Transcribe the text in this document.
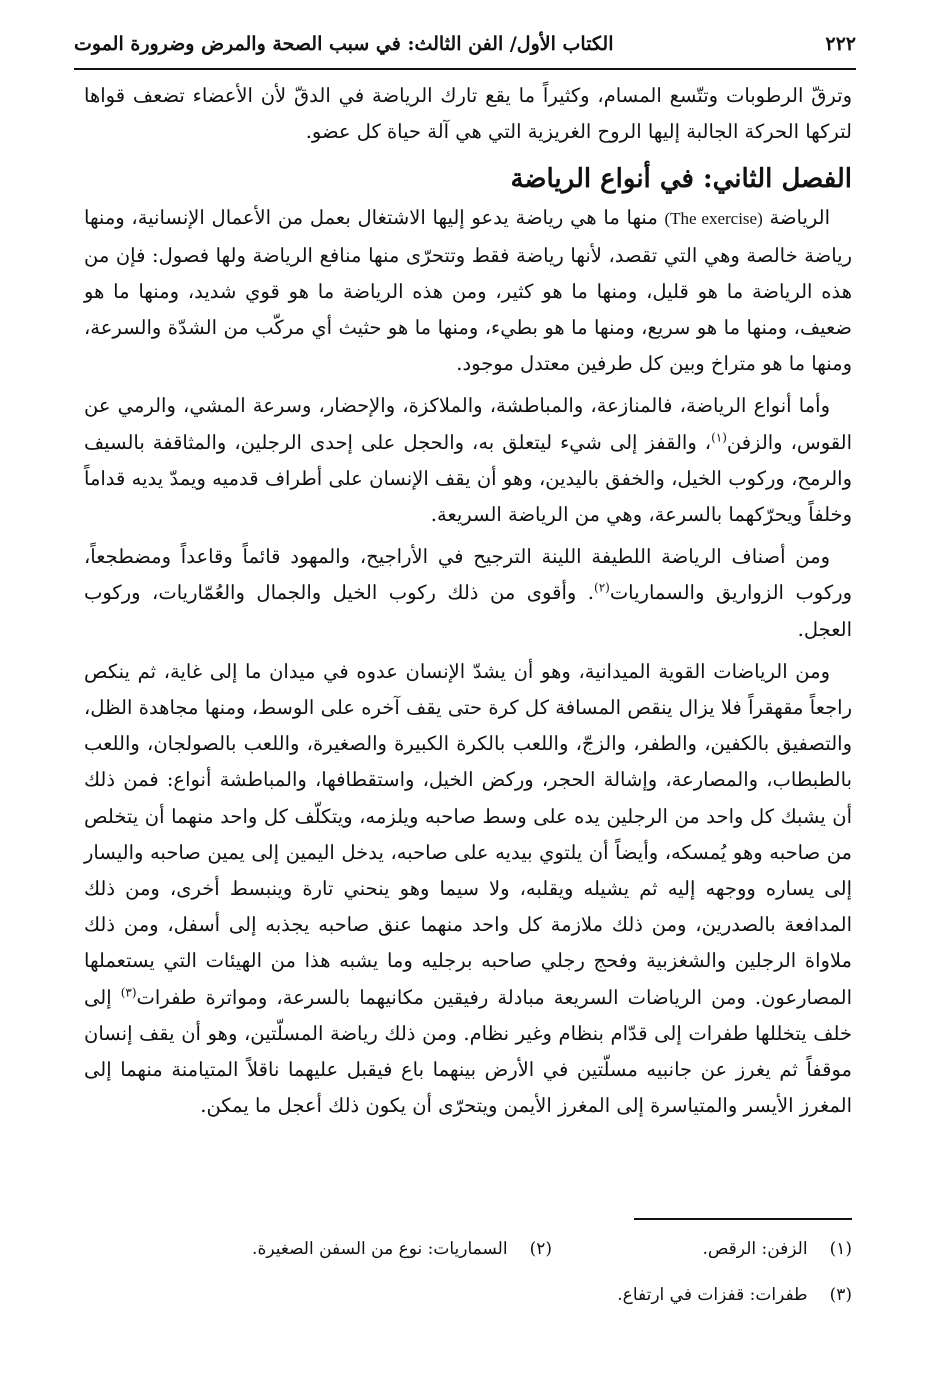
٢٢٢
الكتاب الأول/ الفن الثالث: في سبب الصحة والمرض وضرورة الموت

وترقّ الرطوبات وتتّسع المسام، وكثيراً ما يقع تارك الرياضة في الدقّ لأن الأعضاء تضعف قواها لتركها الحركة الجالبة إليها الروح الغريزية التي هي آلة حياة كل عضو.

الفصل الثاني: في أنواع الرياضة

الرياضة (The exercise) منها ما هي رياضة يدعو إليها الاشتغال بعمل من الأعمال الإنسانية، ومنها رياضة خالصة وهي التي تقصد، لأنها رياضة فقط وتتحرّى منها منافع الرياضة ولها فصول: فإن من هذه الرياضة ما هو قليل، ومنها ما هو كثير، ومن هذه الرياضة ما هو قوي شديد، ومنها ما هو ضعيف، ومنها ما هو سريع، ومنها ما هو بطيء، ومنها ما هو حثيث أي مركّب من الشدّة والسرعة، ومنها ما هو متراخ وبين كل طرفين معتدل موجود.

وأما أنواع الرياضة، فالمنازعة، والمباطشة، والملاكزة، والإحضار، وسرعة المشي، والرمي عن القوس، والزفن$^{(١)}$، والقفز إلى شيء ليتعلق به، والحجل على إحدى الرجلين، والمثاقفة بالسيف والرمح، وركوب الخيل، والخفق باليدين، وهو أن يقف الإنسان على أطراف قدميه ويمدّ يديه قداماً وخلفاً ويحرّكهما بالسرعة، وهي من الرياضة السريعة.

ومن أصناف الرياضة اللطيفة اللينة الترجيح في الأراجيح، والمهود قائماً وقاعداً ومضطجعاً، وركوب الزواريق والسماريات$^{(٢)}$. وأقوى من ذلك ركوب الخيل والجمال والعُمّاريات، وركوب العجل.

ومن الرياضات القوية الميدانية، وهو أن يشدّ الإنسان عدوه في ميدان ما إلى غاية، ثم ينكص راجعاً مقهقراً فلا يزال ينقص المسافة كل كرة حتى يقف آخره على الوسط، ومنها مجاهدة الظل، والتصفيق بالكفين، والطفر، والزجّ، واللعب بالكرة الكبيرة والصغيرة، واللعب بالصولجان، واللعب بالطبطاب، والمصارعة، وإشالة الحجر، وركض الخيل، واستقطافها، والمباطشة أنواع: فمن ذلك أن يشبك كل واحد من الرجلين يده على وسط صاحبه ويلزمه، ويتكلّف كل واحد منهما أن يتخلص من صاحبه وهو يُمسكه، وأيضاً أن يلتوي بيديه على صاحبه، يدخل اليمين إلى يمين صاحبه واليسار إلى يساره ووجهه إليه ثم يشيله ويقلبه، ولا سيما وهو ينحني تارة وينبسط أخرى، ومن ذلك المدافعة بالصدرين، ومن ذلك ملازمة كل واحد منهما عنق صاحبه يجذبه إلى أسفل، ومن ذلك ملاواة الرجلين والشغزبية وفحج رجلي صاحبه برجليه وما يشبه هذا من الهيئات التي يستعملها المصارعون. ومن الرياضات السريعة مبادلة رفيقين مكانيهما بالسرعة، ومواترة طفرات$^{(٣)}$ إلى خلف يتخللها طفرات إلى قدّام بنظام وغير نظام. ومن ذلك رياضة المسلّتين، وهو أن يقف إنسان موقفاً ثم يغرز عن جانبيه مسلّتين في الأرض بينهما باع فيقبل عليهما ناقلاً المتيامنة منهما إلى المغرز الأيسر والمتياسرة إلى المغرز الأيمن ويتحرّى أن يكون ذلك أعجل ما يمكن.

(١)الزفن: الرقص.
(٢)السماريات: نوع من السفن الصغيرة.
(٣)طفرات: قفزات في ارتفاع.
